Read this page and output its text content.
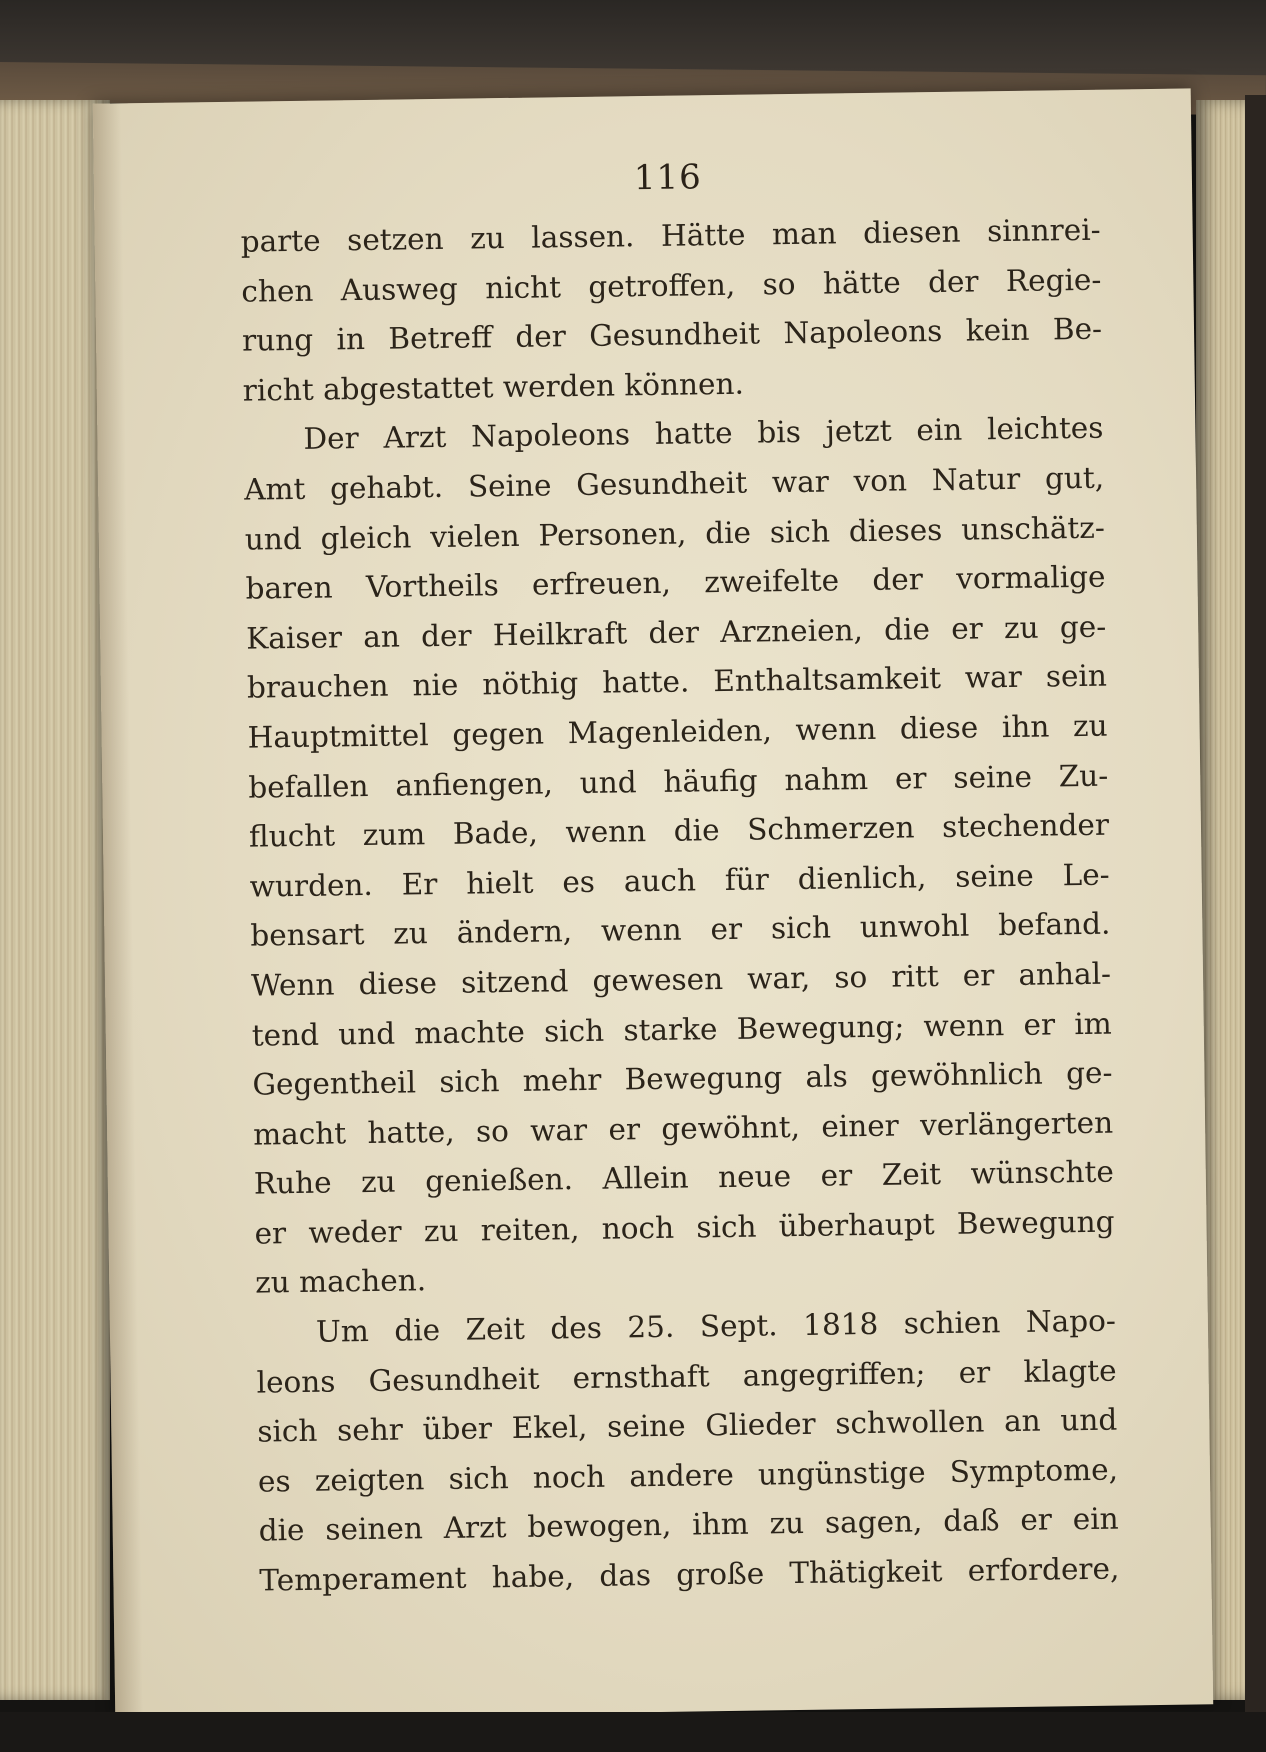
116
parte setzen zu lassen. Hätte man diesen sinnrei-
chen Ausweg nicht getroffen, so hätte der Regie-
rung in Betreff der Gesundheit Napoleons kein Be-
richt abgestattet werden können.
Der Arzt Napoleons hatte bis jetzt ein leichtes
Amt gehabt. Seine Gesundheit war von Natur gut,
und gleich vielen Personen, die sich dieses unschätz-
baren Vortheils erfreuen, zweifelte der vormalige
Kaiser an der Heilkraft der Arzneien, die er zu ge-
brauchen nie nöthig hatte. Enthaltsamkeit war sein
Hauptmittel gegen Magenleiden, wenn diese ihn zu
befallen anfiengen, und häufig nahm er seine Zu-
flucht zum Bade, wenn die Schmerzen stechender
wurden. Er hielt es auch für dienlich, seine Le-
bensart zu ändern, wenn er sich unwohl befand.
Wenn diese sitzend gewesen war, so ritt er anhal-
tend und machte sich starke Bewegung; wenn er im
Gegentheil sich mehr Bewegung als gewöhnlich ge-
macht hatte, so war er gewöhnt, einer verlängerten
Ruhe zu genießen. Allein neue er Zeit wünschte
er weder zu reiten, noch sich überhaupt Bewegung
zu machen.
Um die Zeit des 25. Sept. 1818 schien Napo-
leons Gesundheit ernsthaft angegriffen; er klagte
sich sehr über Ekel, seine Glieder schwollen an und
es zeigten sich noch andere ungünstige Symptome,
die seinen Arzt bewogen, ihm zu sagen, daß er ein
Temperament habe, das große Thätigkeit erfordere,
